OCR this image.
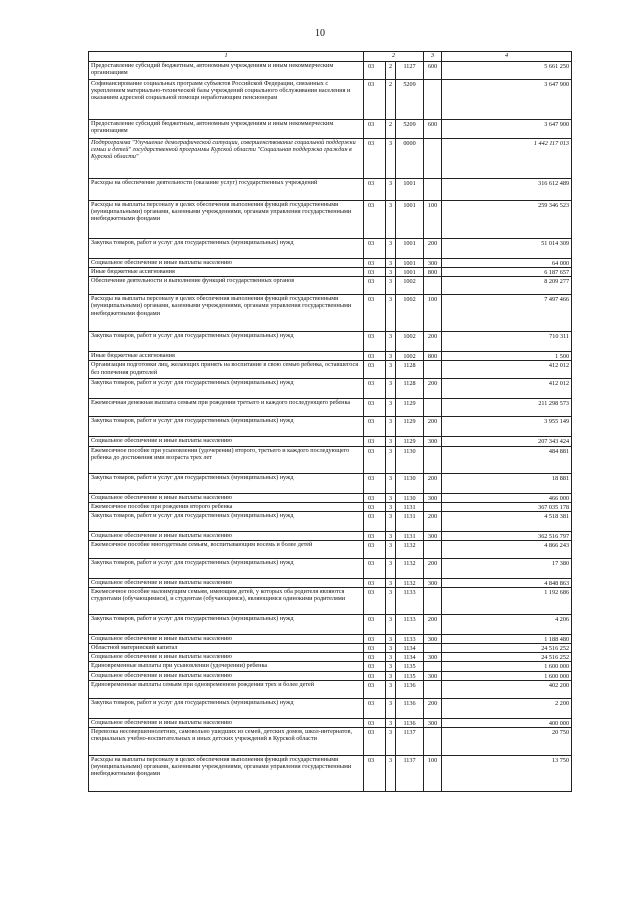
10
1	2			3	4
Предоставление субсидий бюджетным, автономным учреждениям и иным некоммерческим организациям	03	2	1127	600	5 661 250
Софинансирование социальных программ субъектов Российской Федерации, связанных с укреплением материально-технической базы учреждений социального обслуживания населения и оказанием адресной социальной помощи неработающим пенсионерам	03	2	5209		3 647 900
Предоставление субсидий бюджетным, автономным учреждениям и иным некоммерческим организациям	03	2	5209	600	3 647 900
Подпрограмма "Улучшение демографической ситуации, совершенствование социальной поддержки семьи и детей" государственной программы Курской области "Социальная поддержка граждан в Курской области"	03	3	0000		1 442 117 013
Расходы на обеспечение деятельности (оказание услуг) государственных учреждений	03	3	1001		316 612 489
Расходы на выплаты персоналу в целях обеспечения выполнения функций государственными (муниципальными) органами, казенными учреждениями, органами управления государственными внебюджетными фондами	03	3	1001	100	259 346 523
Закупка товаров, работ и услуг для государственных (муниципальных) нужд	03	3	1001	200	51 014 309
Социальное обеспечение и иные выплаты населению	03	3	1001	300	64 000
Иные бюджетные ассигнования	03	3	1001	800	6 187 657
Обеспечение деятельности и выполнение функций государственных органов	03	3	1002		8 209 277
Расходы на выплаты персоналу в целях обеспечения выполнения функций государственными (муниципальными) органами, казенными учреждениями, органами управления государственными внебюджетными фондами	03	3	1002	100	7 497 466
Закупка товаров, работ и услуг для государственных (муниципальных) нужд	03	3	1002	200	710 311
Иные бюджетные ассигнования	03	3	1002	800	1 500
Организация подготовки лиц, желающих принять на воспитание в свою семью ребенка, оставшегося без попечения родителей	03	3	1128		412 012
Закупка товаров, работ и услуг для государственных (муниципальных) нужд	03	3	1128	200	412 012
Ежемесячная денежная выплата семьям при рождении третьего и каждого последующего ребенка	03	3	1129		211 298 573
Закупка товаров, работ и услуг для государственных (муниципальных) нужд	03	3	1129	200	3 955 149
Социальное обеспечение и иные выплаты населению	03	3	1129	300	207 343 424
Ежемесячное пособие при усыновлении (удочерении) второго, третьего и каждого последующего ребенка до достижения ими возраста трех лет	03	3	1130		484 881
Закупка товаров, работ и услуг для государственных (муниципальных) нужд	03	3	1130	200	18 881
Социальное обеспечение и иные выплаты населению	03	3	1130	300	466 000
Ежемесячное пособие при рождении второго ребенка	03	3	1131		367 035 178
Закупка товаров, работ и услуг для государственных (муниципальных) нужд	03	3	1131	200	4 518 381
Социальное обеспечение и иные выплаты населению	03	3	1131	300	362 516 797
Ежемесячное пособие многодетным семьям, воспитывающим восемь и более детей	03	3	1132		4 866 243
Закупка товаров, работ и услуг для государственных (муниципальных) нужд	03	3	1132	200	17 380
Социальное обеспечение и иные выплаты населению	03	3	1132	300	4 848 863
Ежемесячное пособие малоимущим семьям, имеющим детей, у которых оба родителя являются студентами (обучающимися), и студентам (обучающимся), являющимся одинокими родителями	03	3	1133		1 192 686
Закупка товаров, работ и услуг для государственных (муниципальных) нужд	03	3	1133	200	4 206
Социальное обеспечение и иные выплаты населению	03	3	1133	300	1 188 480
Областной материнский капитал	03	3	1134		24 516 252
Социальное обеспечение и иные выплаты населению	03	3	1134	300	24 516 252
Единовременные выплаты при усыновлении (удочерении) ребенка	03	3	1135		1 600 000
Социальное обеспечение и иные выплаты населению	03	3	1135	300	1 600 000
Единовременные выплаты семьям при одновременном рождении трех и более детей	03	3	1136		402 200
Закупка товаров, работ и услуг для государственных (муниципальных) нужд	03	3	1136	200	2 200
Социальное обеспечение и иные выплаты населению	03	3	1136	300	400 000
Перевозка несовершеннолетних, самовольно ушедших из семей, детских домов, школ-интернатов, специальных учебно-воспитательных и иных детских учреждений в Курской области	03	3	1137		20 750
Расходы на выплаты персоналу в целях обеспечения выполнения функций государственными (муниципальными) органами, казенными учреждениями, органами управления государственными внебюджетными фондами	03	3	1137	100	13 750
